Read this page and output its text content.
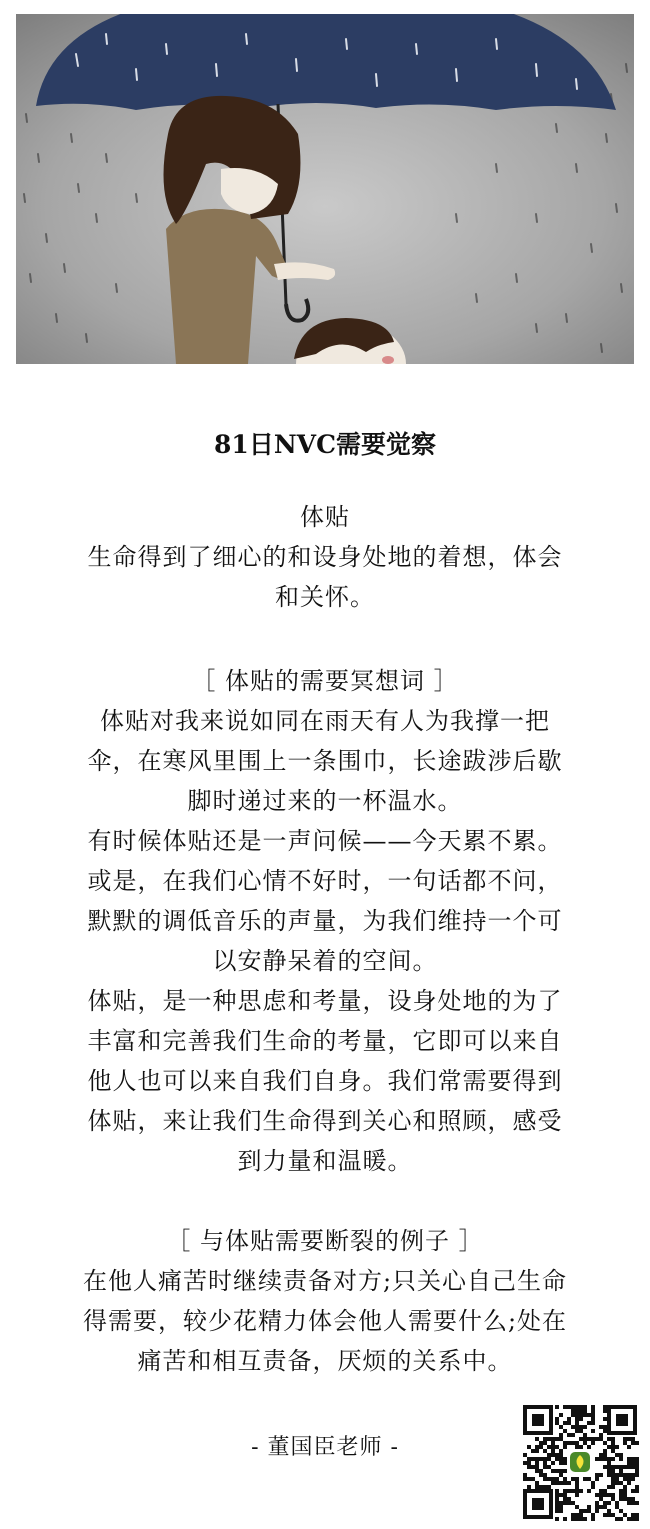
81日NVC需要觉察
体贴
生命得到了细心的和设身处地的着想，体会
和关怀。
［ 体贴的需要冥想词 ］
体贴对我来说如同在雨天有人为我撑一把
伞，在寒风里围上一条围巾，长途跋涉后歇
脚时递过来的一杯温水。
有时候体贴还是一声问候——今天累不累。
或是，在我们心情不好时，一句话都不问，
默默的调低音乐的声量，为我们维持一个可
以安静呆着的空间。
体贴，是一种思虑和考量，设身处地的为了
丰富和完善我们生命的考量，它即可以来自
他人也可以来自我们自身。我们常需要得到
体贴，来让我们生命得到关心和照顾，感受
到力量和温暖。
［ 与体贴需要断裂的例子 ］
在他人痛苦时继续责备对方;只关心自己生命
得需要，较少花精力体会他人需要什么;处在
痛苦和相互责备，厌烦的关系中。
- 董国臣老师 -
